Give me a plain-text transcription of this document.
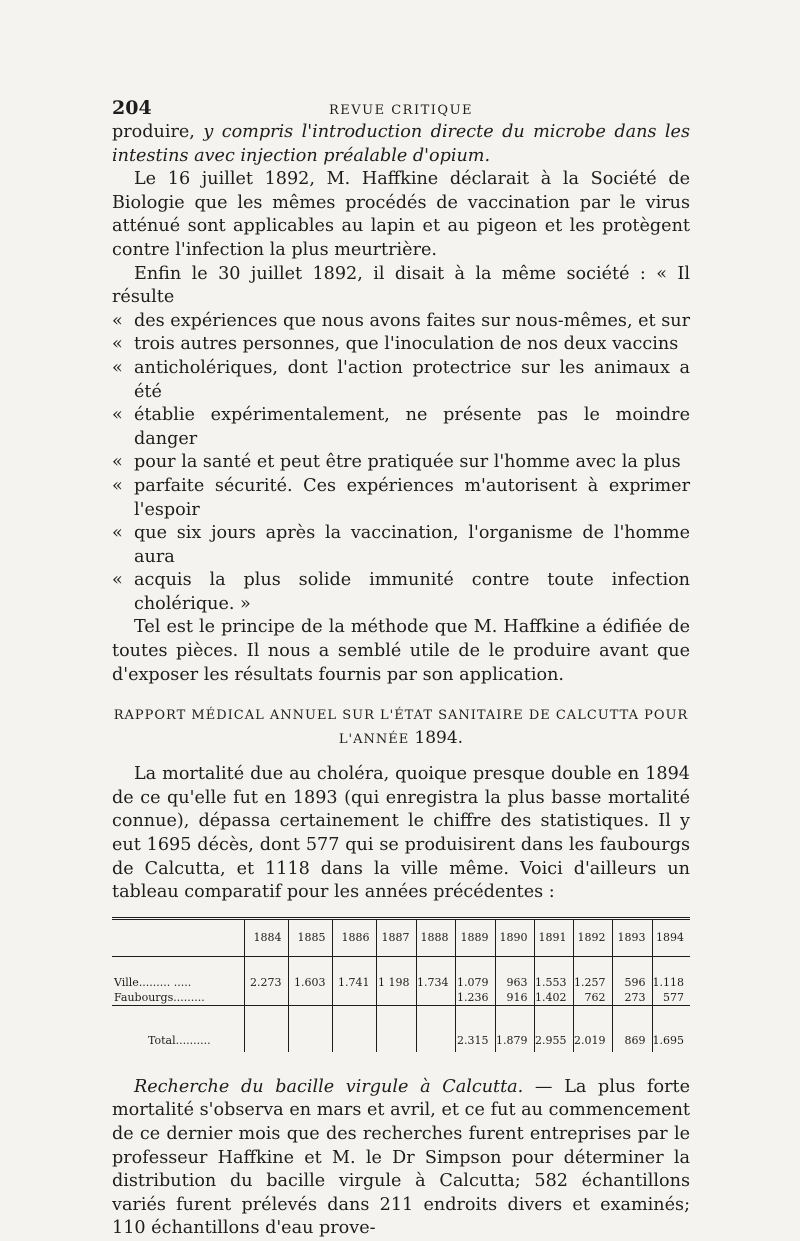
204	REVUE CRITIQUE

produire, y compris l'introduction directe du microbe dans les intestins avec injection préalable d'opium.

Le 16 juillet 1892, M. Haffkine déclarait à la Société de Biologie que les mêmes procédés de vaccination par le virus atténué sont applicables au lapin et au pigeon et les protègent contre l'infection la plus meurtrière.

Enfin le 30 juillet 1892, il disait à la même société : « Il résulte

« des expériences que nous avons faites sur nous-mêmes, et sur

« trois autres personnes, que l'inoculation de nos deux vaccins

« anticholériques, dont l'action protectrice sur les animaux a été

« établie expérimentalement, ne présente pas le moindre danger

« pour la santé et peut être pratiquée sur l'homme avec la plus

« parfaite sécurité. Ces expériences m'autorisent à exprimer l'espoir

« que six jours après la vaccination, l'organisme de l'homme aura

« acquis la plus solide immunité contre toute infection cholérique. »

Tel est le principe de la méthode que M. Haffkine a édifiée de toutes pièces. Il nous a semblé utile de le produire avant que d'exposer les résultats fournis par son application.

RAPPORT MÉDICAL ANNUEL SUR L'ÉTAT SANITAIRE DE CALCUTTA POUR
L'ANNÉE 1894.

La mortalité due au choléra, quoique presque double en 1894 de ce qu'elle fut en 1893 (qui enregistra la plus basse mortalité connue), dépassa certainement le chiffre des statistiques. Il y eut 1695 décès, dont 577 qui se produisirent dans les faubourgs de Calcutta, et 1118 dans la ville même. Voici d'ailleurs un tableau comparatif pour les années précédentes :

	1884	1885	1886	1887	1888	1889	1890	1891	1892	1893	1894

Ville......... .....	2.273	1.603	1.741	1 198	1.734	1.079	963	1.553	1.257	596	1.118
Faubourgs.........						1.236	916	1.402	762	273	577

Total..........						2.315	1.879	2.955	2.019	869	1.695

Recherche du bacille virgule à Calcutta. — La plus forte mortalité s'observa en mars et avril, et ce fut au commencement de ce dernier mois que des recherches furent entreprises par le professeur Haffkine et M. le Dr Simpson pour déterminer la distribution du bacille virgule à Calcutta; 582 échantillons variés furent prélevés dans 211 endroits divers et examinés; 110 échantillons d'eau prove-
